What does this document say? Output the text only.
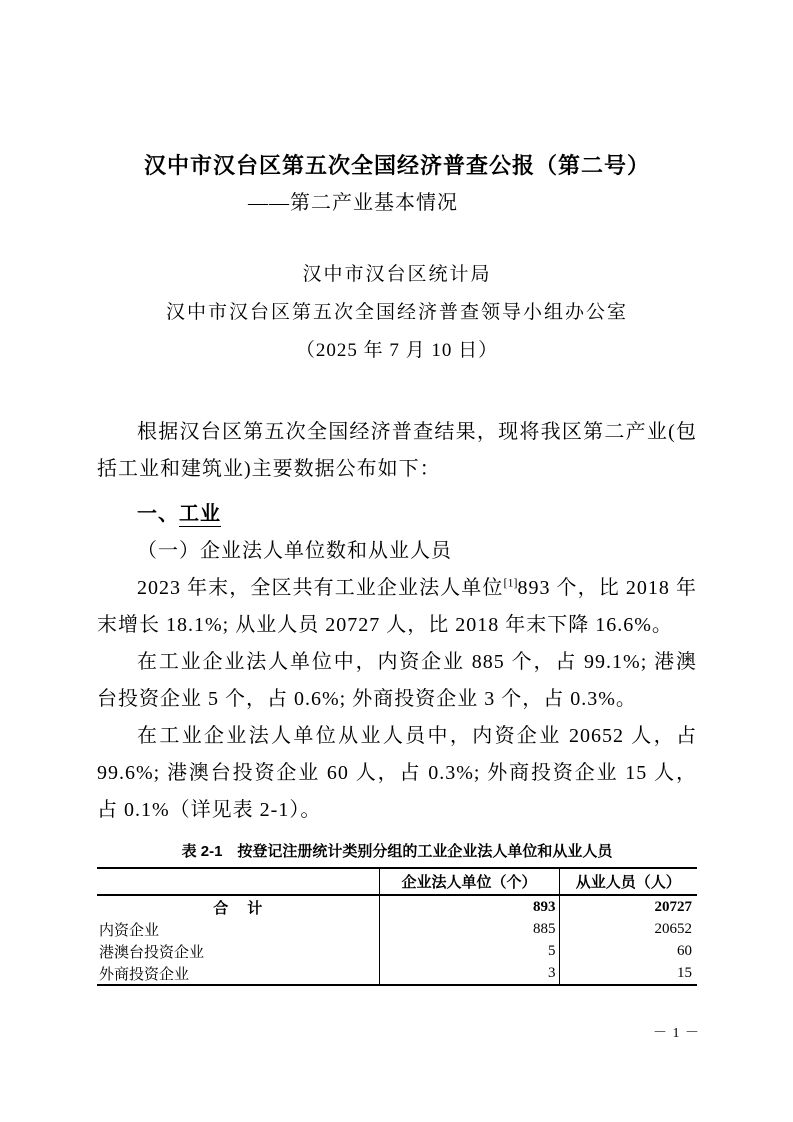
汉中市汉台区第五次全国经济普查公报（第二号）
——第二产业基本情况
汉中市汉台区统计局
汉中市汉台区第五次全国经济普查领导小组办公室
（2025 年 7 月 10 日）

根据汉台区第五次全国经济普查结果，现将我区第二产业(包括工业和建筑业)主要数据公布如下：

一、工业

（一）企业法人单位数和从业人员

2023 年末，全区共有工业企业法人单位[1]893 个，比 2018 年末增长 18.1%; 从业人员 20727 人，比 2018 年末下降 16.6%。

在工业企业法人单位中，内资企业 885 个，占 99.1%; 港澳台投资企业 5 个，占 0.6%; 外商投资企业 3 个，占 0.3%。

在工业企业法人单位从业人员中，内资企业 20652 人，占 99.6%; 港澳台投资企业 60 人，占 0.3%; 外商投资企业 15 人，占 0.1%（详见表 2-1）。

表 2-1　按登记注册统计类别分组的工业企业法人单位和从业人员
	企业法人单位（个）	从业人员（人）
合　计	893	20727
内资企业	885	20652
港澳台投资企业	5	60
外商投资企业	3	15
－ 1 －
